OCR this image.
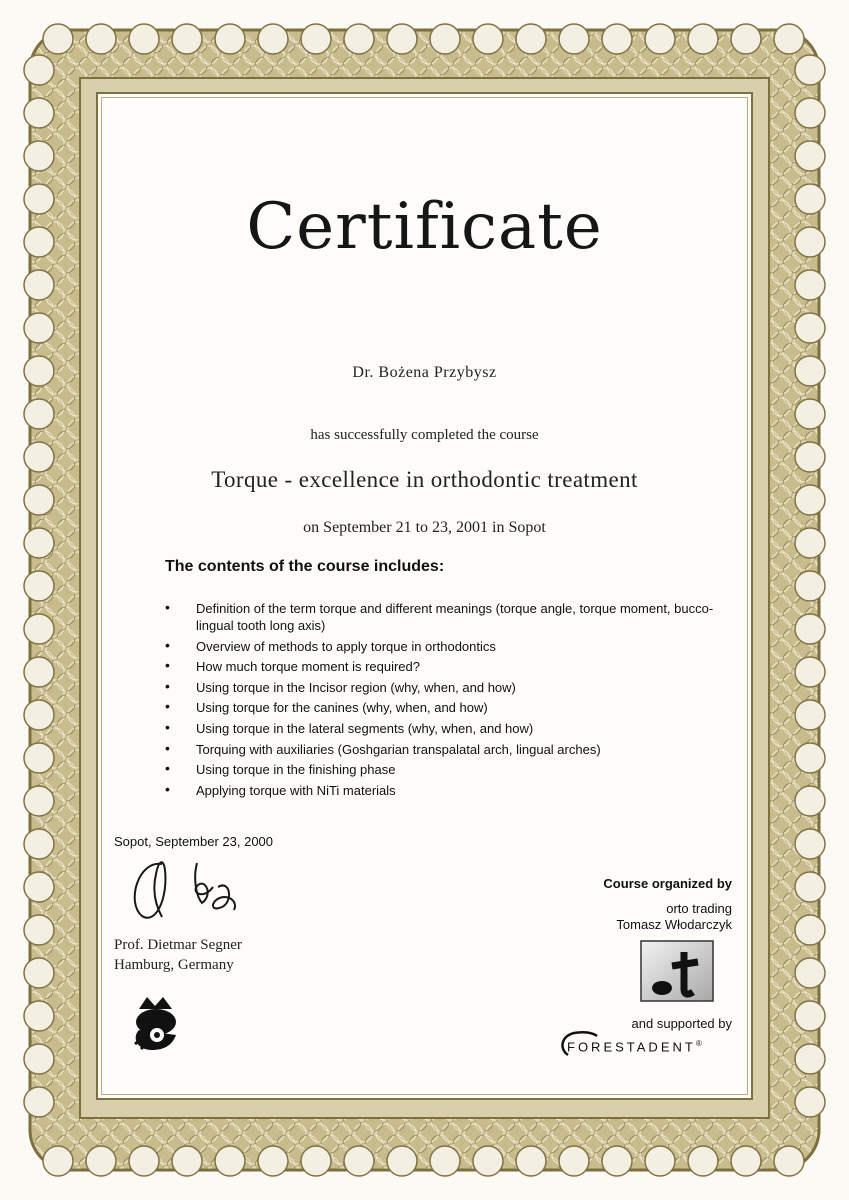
Certificate
Dr. Bożena Przybysz
has successfully completed the course
Torque - excellence in orthodontic treatment
on September 21 to 23, 2001 in Sopot
The contents of the course includes:
• Definition of the term torque and different meanings (torque angle, torque moment, bucco-lingual tooth long axis)
• Overview of methods to apply torque in orthodontics
• How much torque moment is required?
• Using torque in the Incisor region (why, when, and how)
• Using torque for the canines (why, when, and how)
• Using torque in the lateral segments (why, when, and how)
• Torquing with auxiliaries (Goshgarian transpalatal arch, lingual arches)
• Using torque in the finishing phase
• Applying torque with NiTi materials
Sopot, September 23, 2000
Prof. Dietmar Segner
Hamburg, Germany
Course organized by
orto trading
Tomasz Włodarczyk
and supported by
FORESTADENT®
